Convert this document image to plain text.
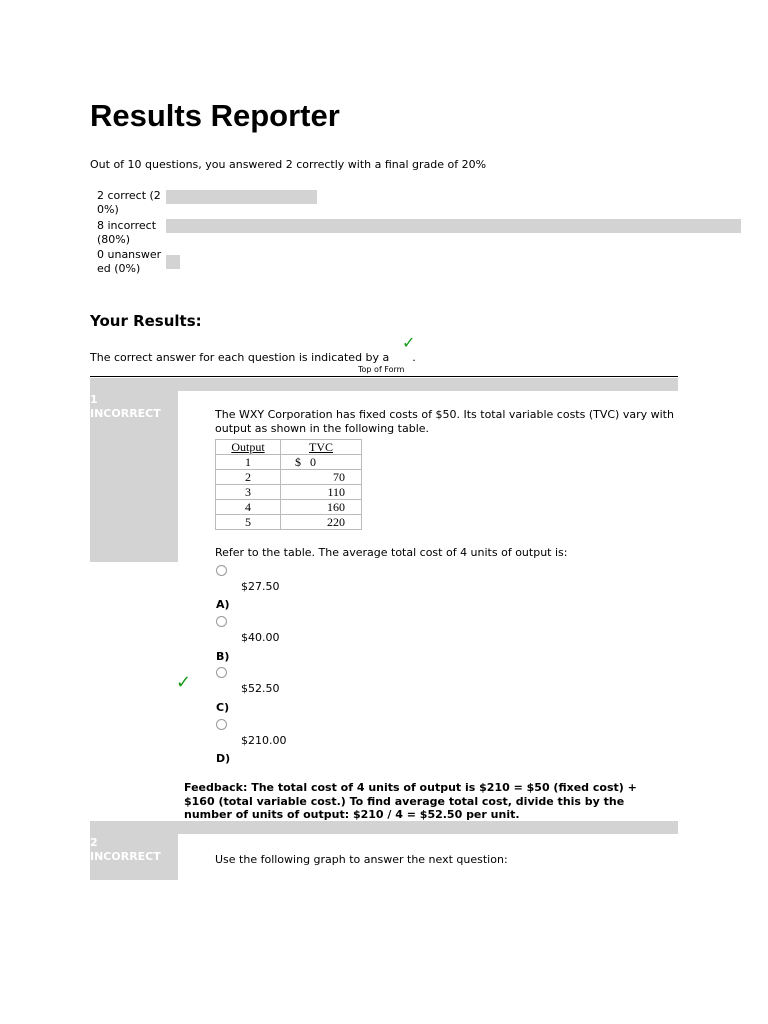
Results Reporter
Out of 10 questions, you answered 2 correctly with a final grade of 20%
2 correct (20%)
8 incorrect (80%)
0 unanswered (0%)
Your Results:
The correct answer for each question is indicated by a .
✓
Top of Form
1
INCORRECT	The WXY Corporation has fixed costs of $50. Its total variable costs (TVC) vary with output as shown in the following table.
Output	TVC
1	$   0
2	70
3	110
4	160
5	220
Refer to the table. The average total cost of 4 units of output is:
$27.50
A)
$40.00
B)
✓	$52.50
C)
$210.00
D)
Feedback: The total cost of 4 units of output is $210 = $50 (fixed cost) + $160 (total variable cost.) To find average total cost, divide this by the number of units of output: $210 / 4 = $52.50 per unit.
2
INCORRECT	Use the following graph to answer the next question:
